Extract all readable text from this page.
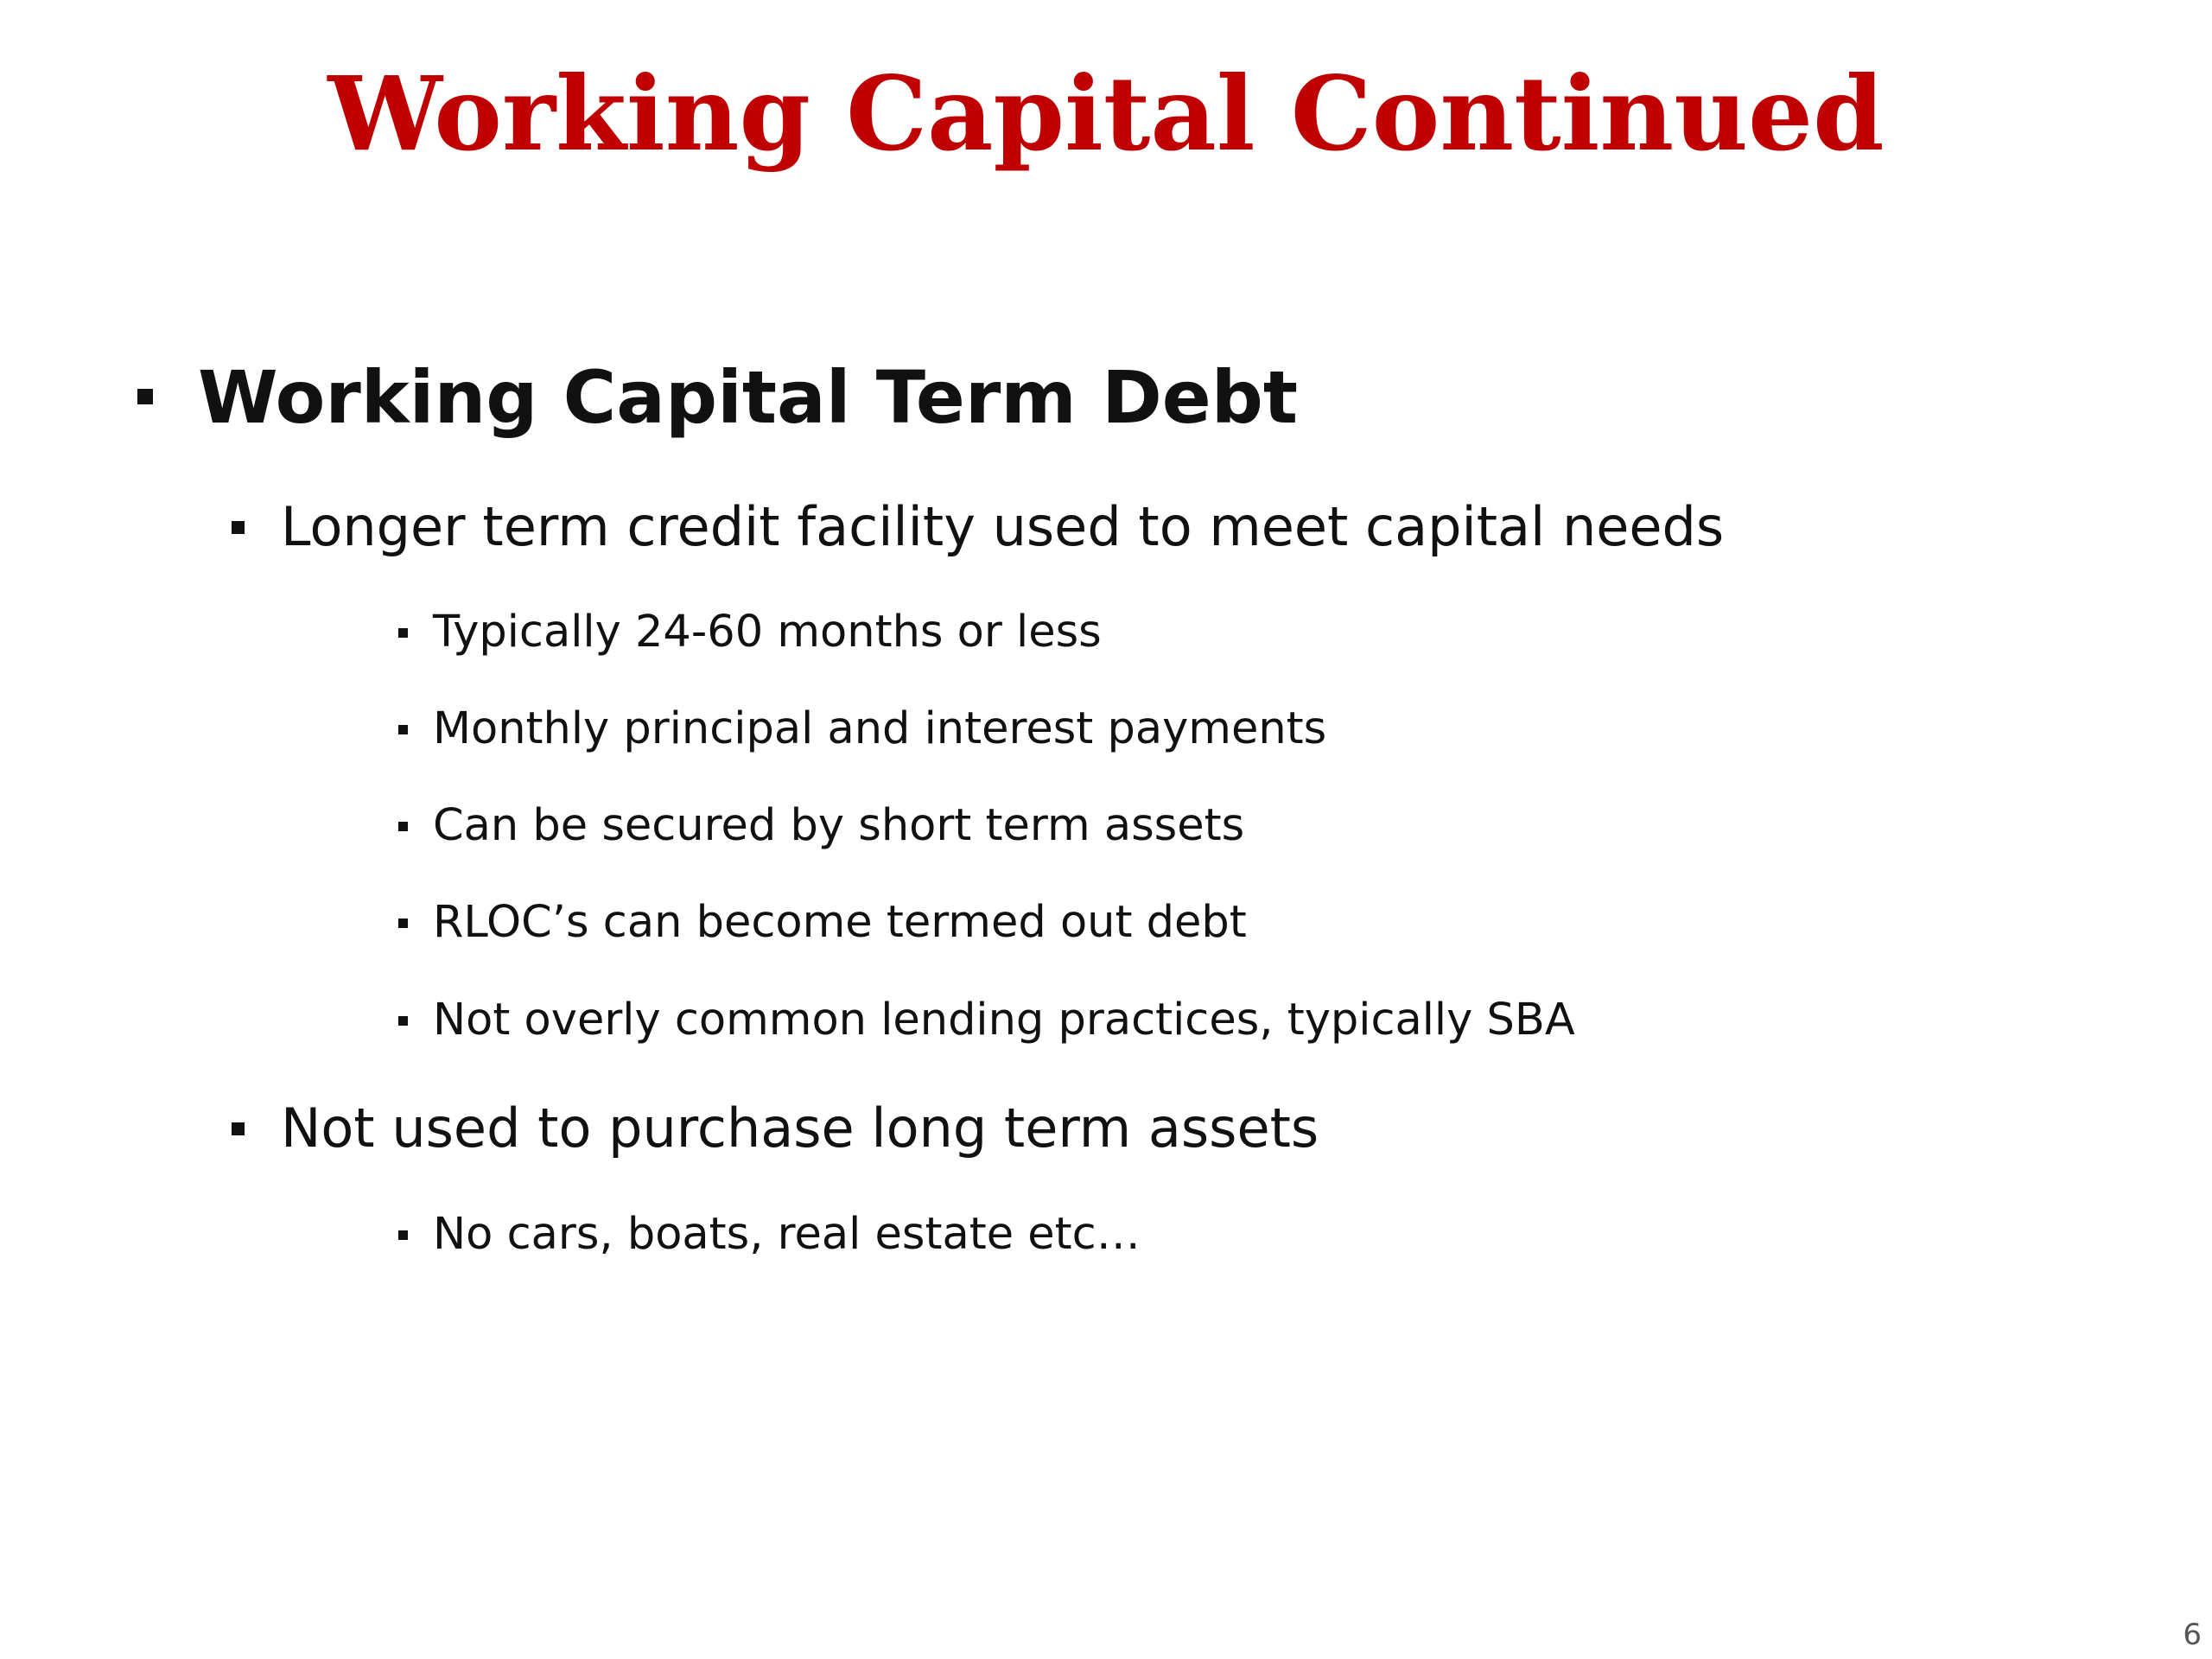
Working Capital Continued
Working Capital Term Debt
Longer term credit facility used to meet capital needs
Typically 24-60 months or less
Monthly principal and interest payments
Can be secured by short term assets
RLOC’s can become termed out debt
Not overly common lending practices, typically SBA
Not used to purchase long term assets
No cars, boats, real estate etc…
6
